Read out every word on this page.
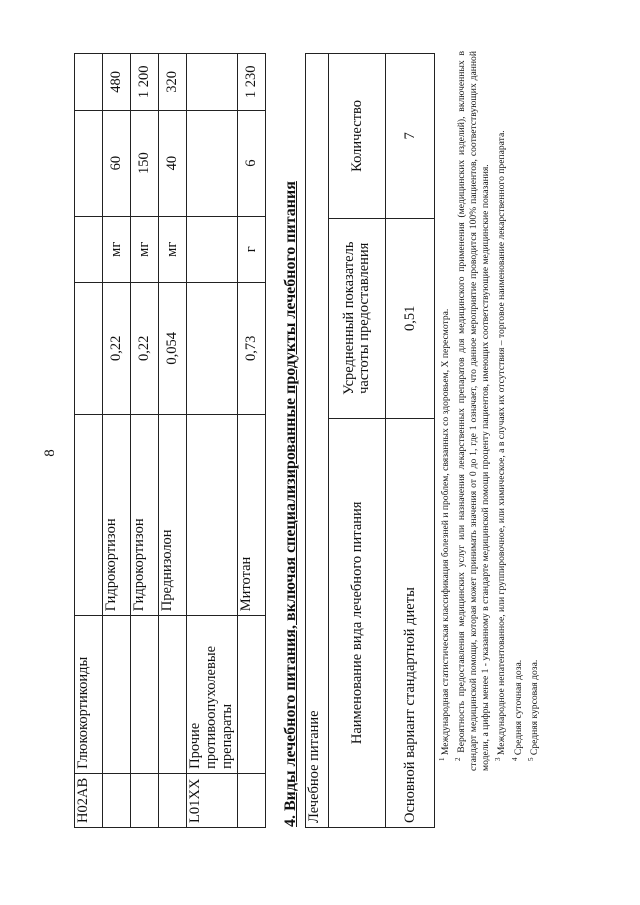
8
H02AB	Глюкокортикоиды					
		Гидрокортизон	0,22	мг	60	480
		Гидрокортизон	0,22	мг	150	1 200
		Преднизолон	0,054	мг	40	320
L01XX	Прочие противоопухолевые препараты					
		Митотан	0,73	г	6	1 230
4. Виды лечебного питания, включая специализированные продукты лечебного питания Лечебное питание		
Наименование вида лечебного питания	Усредненный показатель частоты предоставления	Количество
Основной вариант стандартной диеты	0,51	7

$^1$ Международная статистическая классификация болезней и проблем, связанных со здоровьем, X пересмотра.

$^2$ Вероятность предоставления медицинских услуг или назначения лекарственных препаратов для медицинского применения (медицинских изделий), включенных в стандарт медицинской помощи, которая может принимать значения от 0 до 1, где 1 означает, что данное мероприятие проводится 100% пациентов, соответствующих данной модели, а цифры менее 1 - указанному в стандарте медицинской помощи проценту пациентов, имеющих соответствующие медицинские показания. $^3$ Международное непатентованное, или группировочное, или химическое, а в случаях их отсутствия – торговое наименование лекарственного препарата.

$^4$ Средняя суточная доза.

$^5$ Средняя курсовая доза.
